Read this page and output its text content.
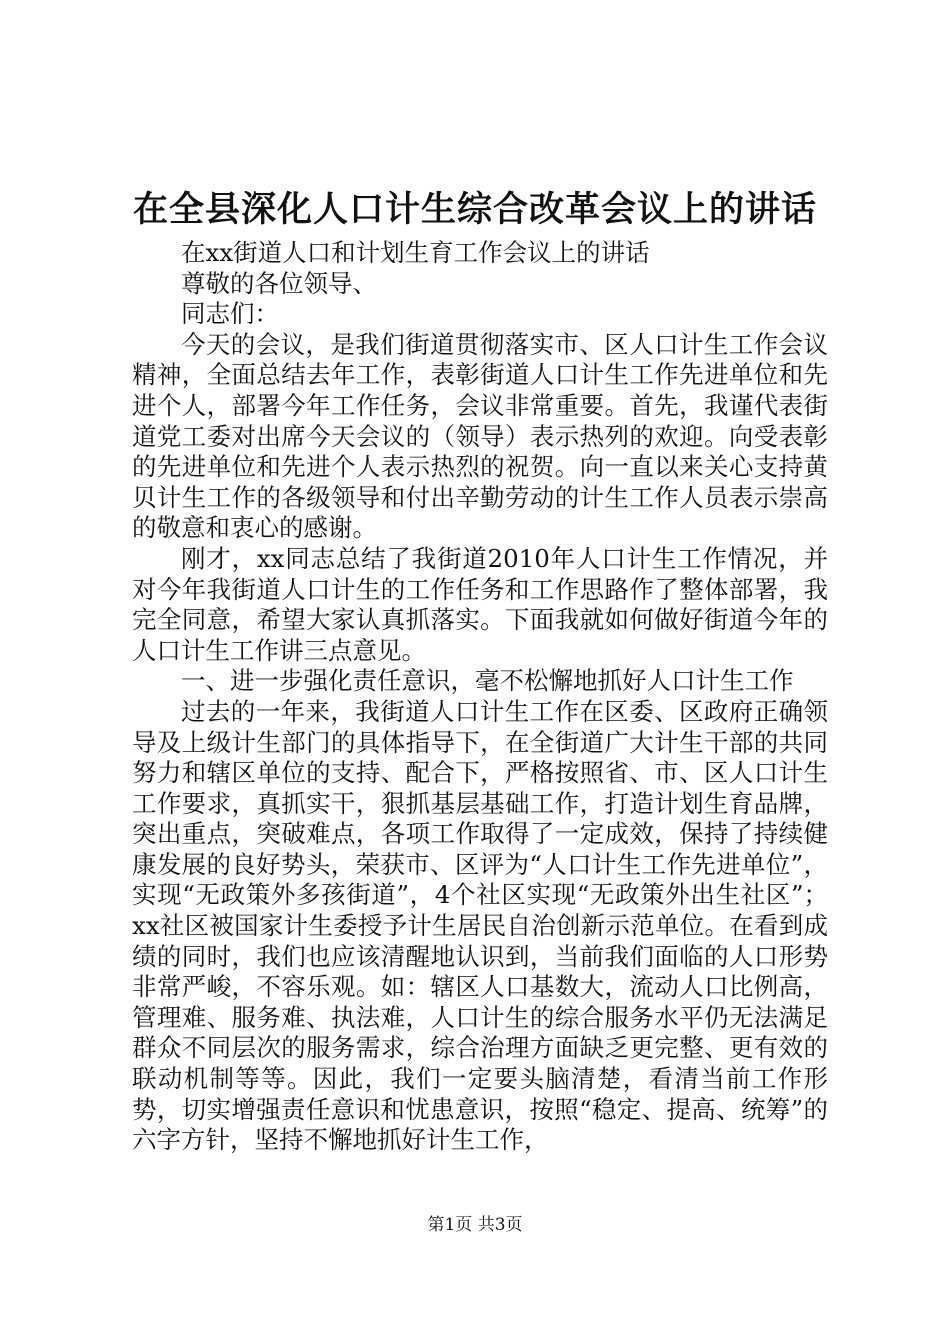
在全县深化人口计生综合改革会议上的讲话

在xx街道人口和计划生育工作会议上的讲话

尊敬的各位领导、

同志们：

今天的会议，是我们街道贯彻落实市、区人口计生工作会议精神，全面总结去年工作，表彰街道人口计生工作先进单位和先进个人，部署今年工作任务，会议非常重要。首先，我谨代表街道党工委对出席今天会议的（领导）表示热列的欢迎。向受表彰的先进单位和先进个人表示热烈的祝贺。向一直以来关心支持黄贝计生工作的各级领导和付出辛勤劳动的计生工作人员表示崇高的敬意和衷心的感谢。

刚才，xx同志总结了我街道2010年人口计生工作情况，并对今年我街道人口计生的工作任务和工作思路作了整体部署，我完全同意，希望大家认真抓落实。下面我就如何做好街道今年的人口计生工作讲三点意见。

一、进一步强化责任意识，毫不松懈地抓好人口计生工作

过去的一年来，我街道人口计生工作在区委、区政府正确领导及上级计生部门的具体指导下，在全街道广大计生干部的共同努力和辖区单位的支持、配合下，严格按照省、市、区人口计生工作要求，真抓实干，狠抓基层基础工作，打造计划生育品牌，突出重点，突破难点，各项工作取得了一定成效，保持了持续健康发展的良好势头，荣获市、区评为“人口计生工作先进单位”，实现“无政策外多孩街道”，4个社区实现“无政策外出生社区”；xx社区被国家计生委授予计生居民自治创新示范单位。在看到成绩的同时，我们也应该清醒地认识到，当前我们面临的人口形势非常严峻，不容乐观。如：辖区人口基数大，流动人口比例高，管理难、服务难、执法难，人口计生的综合服务水平仍无法满足群众不同层次的服务需求，综合治理方面缺乏更完整、更有效的联动机制等等。因此，我们一定要头脑清楚，看清当前工作形势，切实增强责任意识和忧患意识，按照“稳定、提高、统筹”的六字方针，坚持不懈地抓好计生工作，

第1页 共3页
